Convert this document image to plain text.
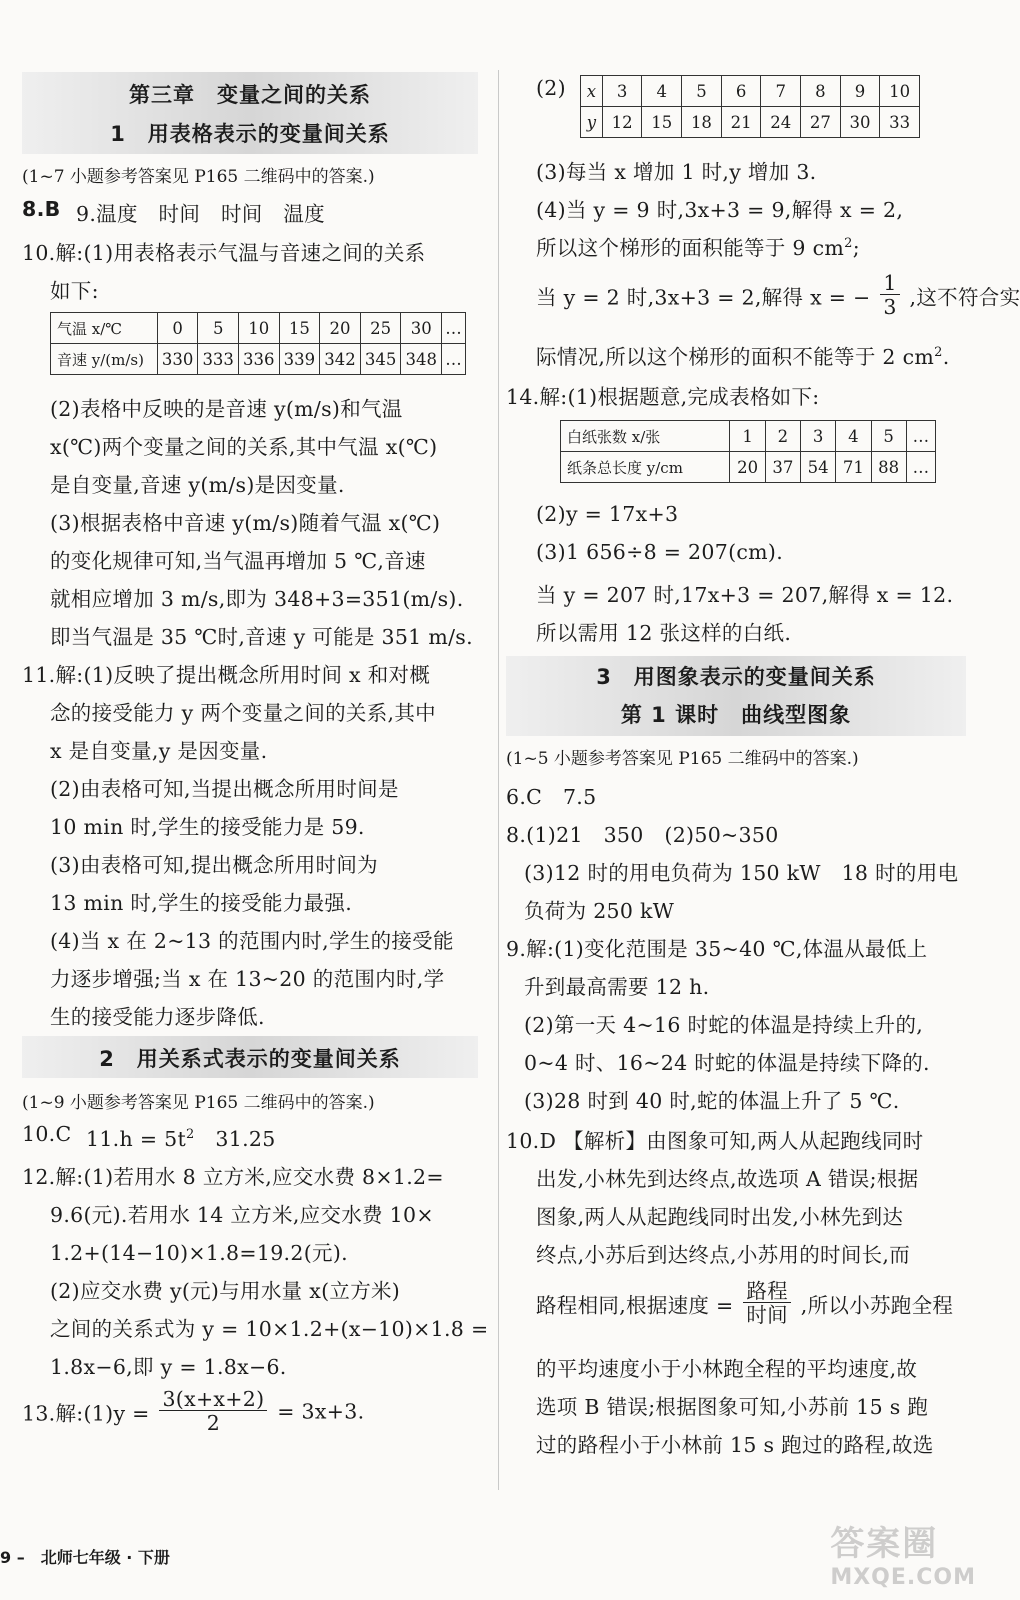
第三章　变量之间的关系
1　用表格表示的变量间关系
(1~7 小题参考答案见 P165 二维码中的答案.)
8.B 9.温度　时间　时间　温度
10.解:(1)用表格表示气温与音速之间的关系
如下:
气温 x/℃	0	5	10	15	20	25	30	…
音速 y/(m/s)	330	333	336	339	342	345	348	…
(2)表格中反映的是音速 y(m/s)和气温
x(℃)两个变量之间的关系,其中气温 x(℃)
是自变量,音速 y(m/s)是因变量.
(3)根据表格中音速 y(m/s)随着气温 x(℃)
的变化规律可知,当气温再增加 5 ℃,音速
就相应增加 3 m/s,即为 348+3=351(m/s).
即当气温是 35 ℃时,音速 y 可能是 351 m/s.
11.解:(1)反映了提出概念所用时间 x 和对概
念的接受能力 y 两个变量之间的关系,其中
x 是自变量,y 是因变量.
(2)由表格可知,当提出概念所用时间是
10 min 时,学生的接受能力是 59.
(3)由表格可知,提出概念所用时间为
13 min 时,学生的接受能力最强.
(4)当 x 在 2~13 的范围内时,学生的接受能
力逐步增强;当 x 在 13~20 的范围内时,学
生的接受能力逐步降低.
2　用关系式表示的变量间关系
(1~9 小题参考答案见 P165 二维码中的答案.)
10.C $11.h = 5t^2$　31.25
12.解:(1)若用水 8 立方米,应交水费 8×1.2=
9.6(元).若用水 14 立方米,应交水费 10×
1.2+(14−10)×1.8=19.2(元).
(2)应交水费 y(元)与用水量 x(立方米)
之间的关系式为 y = 10×1.2+(x−10)×1.8 =
1.8x−6,即 y = 1.8x−6.
13.解:(1)y = $\frac{3(x+x+2)}{2} = 3x+3$.
(2) x	3	4	5	6	7	8	9	10
y	12	15	18	21	24	27	30	33
(3)每当 x 增加 1 时,y 增加 3.
(4)当 y = 9 时,3x+3 = 9,解得 x = 2,
所以这个梯形的面积能等于 9 $cm^2$;
当 y = 2 时,3x+3 = 2,解得 x = − $\frac{1}{3}$ ,这不符合实
际情况,所以这个梯形的面积不能等于 2 $cm^2$.
14.解:(1)根据题意,完成表格如下:
白纸张数 x/张	1	2	3	4	5	…
纸条总长度 y/cm	20	37	54	71	88	…
(2)y = 17x+3
(3)1 656÷8 = 207(cm).
当 y = 207 时,17x+3 = 207,解得 x = 12.
所以需用 12 张这样的白纸.
3　用图象表示的变量间关系
第 1 课时　曲线型图象
(1~5 小题参考答案见 P165 二维码中的答案.)
6.C　7.5
8.(1)21　350　(2)50~350
(3)12 时的用电负荷为 150 kW　18 时的用电
负荷为 250 kW
9.解:(1)变化范围是 35~40 ℃,体温从最低上
升到最高需要 12 h.
(2)第一天 4~16 时蛇的体温是持续上升的,
0~4 时、16~24 时蛇的体温是持续下降的.
(3)28 时到 40 时,蛇的体温上升了 5 ℃.
10.D 【解析】由图象可知,两人从起跑线同时
出发,小林先到达终点,故选项 A 错误;根据
图象,两人从起跑线同时出发,小林先到达
终点,小苏后到达终点,小苏用的时间长,而
路程相同,根据速度 = $\frac{\text{路程}}{\text{时间}}$ ,所以小苏跑全程
的平均速度小于小林跑全程的平均速度,故
选项 B 错误;根据图象可知,小苏前 15 s 跑
过的路程小于小林前 15 s 跑过的路程,故选
9 –　北师七年级 · 下册	答案圈
MXQE.COM
